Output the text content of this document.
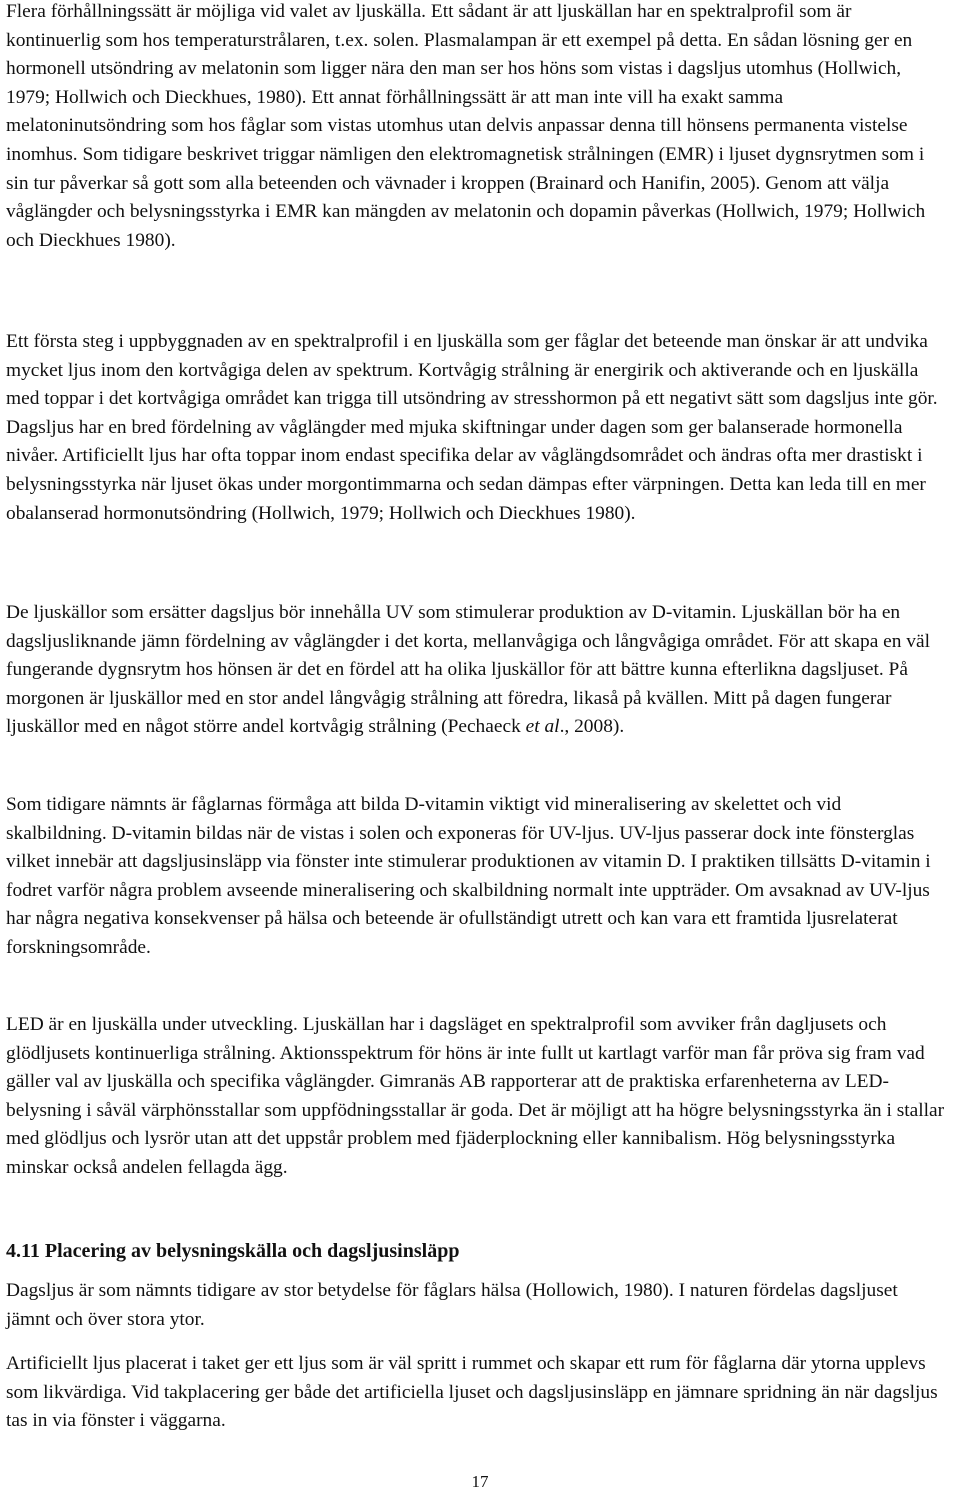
Flera förhållningssätt är möjliga vid valet av ljuskälla. Ett sådant är att ljuskällan har en spektralprofil som är kontinuerlig som hos temperaturstrålaren, t.ex. solen. Plasmalampan är ett exempel på detta. En sådan lösning ger en hormonell utsöndring av melatonin som ligger nära den man ser hos höns som vistas i dagsljus utomhus (Hollwich, 1979; Hollwich och Dieckhues, 1980). Ett annat förhållningssätt är att man inte vill ha exakt samma melatoninutsöndring som hos fåglar som vistas utomhus utan delvis anpassar denna till hönsens permanenta vistelse inomhus. Som tidigare beskrivet triggar nämligen den elektromagnetisk strålningen (EMR) i ljuset dygnsrytmen som i sin tur påverkar så gott som alla beteenden och vävnader i kroppen (Brainard och Hanifin, 2005). Genom att välja våglängder och belysningsstyrka i EMR kan mängden av melatonin och dopamin påverkas (Hollwich, 1979; Hollwich och Dieckhues 1980).

Ett första steg i uppbyggnaden av en spektralprofil i en ljuskälla som ger fåglar det beteende man önskar är att undvika mycket ljus inom den kortvågiga delen av spektrum. Kortvågig strålning är energirik och aktiverande och en ljuskälla med toppar i det kortvågiga området kan trigga till utsöndring av stresshormon på ett negativt sätt som dagsljus inte gör. Dagsljus har en bred fördelning av våglängder med mjuka skiftningar under dagen som ger balanserade hormonella nivåer. Artificiellt ljus har ofta toppar inom endast specifika delar av våglängdsområdet och ändras ofta mer drastiskt i belysningsstyrka när ljuset ökas under morgontimmarna och sedan dämpas efter värpningen. Detta kan leda till en mer obalanserad hormonutsöndring (Hollwich, 1979; Hollwich och Dieckhues 1980).

De ljuskällor som ersätter dagsljus bör innehålla UV som stimulerar produktion av D-vitamin. Ljuskällan bör ha en dagsljusliknande jämn fördelning av våglängder i det korta, mellanvågiga och långvågiga området. För att skapa en väl fungerande dygnsrytm hos hönsen är det en fördel att ha olika ljuskällor för att bättre kunna efterlikna dagsljuset. På morgonen är ljuskällor med en stor andel långvågig strålning att föredra, likaså på kvällen. Mitt på dagen fungerar ljuskällor med en något större andel kortvågig strålning (Pechaeck et al., 2008).

Som tidigare nämnts är fåglarnas förmåga att bilda D-vitamin viktigt vid mineralisering av skelettet och vid skalbildning. D-vitamin bildas när de vistas i solen och exponeras för UV-ljus. UV-ljus passerar dock inte fönsterglas vilket innebär att dagsljusinsläpp via fönster inte stimulerar produktionen av vitamin D. I praktiken tillsätts D-vitamin i fodret varför några problem avseende mineralisering och skalbildning normalt inte uppträder. Om avsaknad av UV-ljus har några negativa konsekvenser på hälsa och beteende är ofullständigt utrett och kan vara ett framtida ljusrelaterat forskningsområde.

LED är en ljuskälla under utveckling. Ljuskällan har i dagsläget en spektralprofil som avviker från dagljusets och glödljusets kontinuerliga strålning. Aktionsspektrum för höns är inte fullt ut kartlagt varför man får pröva sig fram vad gäller val av ljuskälla och specifika våglängder. Gimranäs AB rapporterar att de praktiska erfarenheterna av LED-belysning i såväl värphönsstallar som uppfödningsstallar är goda. Det är möjligt att ha högre belysningsstyrka än i stallar med glödljus och lysrör utan att det uppstår problem med fjäderplockning eller kannibalism. Hög belysningsstyrka minskar också andelen fellagda ägg.

4.11 Placering av belysningskälla och dagsljusinsläpp

Dagsljus är som nämnts tidigare av stor betydelse för fåglars hälsa (Hollowich, 1980). I naturen fördelas dagsljuset jämnt och över stora ytor.

Artificiellt ljus placerat i taket ger ett ljus som är väl spritt i rummet och skapar ett rum för fåglarna där ytorna upplevs som likvärdiga. Vid takplacering ger både det artificiella ljuset och dagsljusinsläpp en jämnare spridning än när dagsljus tas in via fönster i väggarna.

17
